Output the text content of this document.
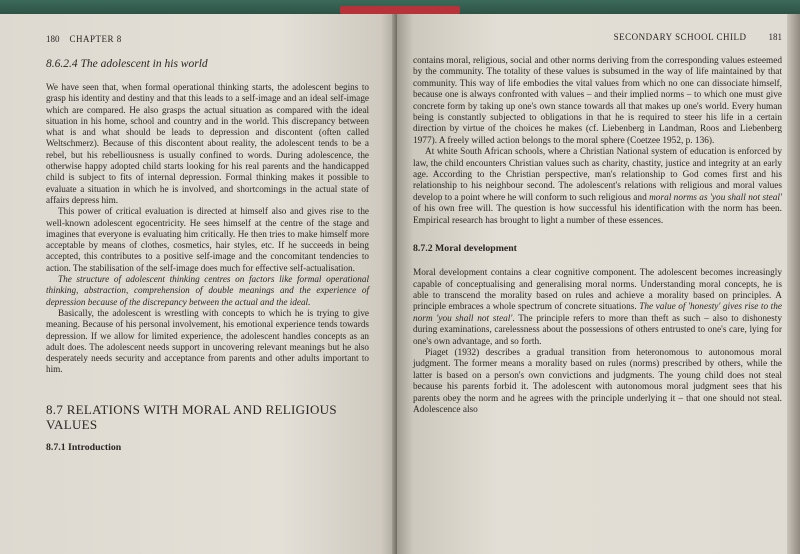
180 CHAPTER 8
8.6.2.4 The adolescent in his world

We have seen that, when formal operational thinking starts, the adolescent begins to grasp his identity and destiny and that this leads to a self-image and an ideal self-image which are compared. He also grasps the actual situation as compared with the ideal situation in his home, school and country and in the world. This discrepancy between what is and what should be leads to depression and discontent (often called Weltschmerz). Because of this discontent about reality, the adolescent tends to be a rebel, but his rebelliousness is usually confined to words. During adolescence, the otherwise happy adopted child starts looking for his real parents and the handicapped child is subject to fits of internal depression. Formal thinking makes it possible to evaluate a situation in which he is involved, and shortcomings in the actual state of affairs depress him.

This power of critical evaluation is directed at himself also and gives rise to the well-known adolescent egocentricity. He sees himself at the centre of the stage and imagines that everyone is evaluating him critically. He then tries to make himself more acceptable by means of clothes, cosmetics, hair styles, etc. If he succeeds in being accepted, this contributes to a positive self-image and the concomitant tendencies to action. The stabilisation of the self-image does much for effective self-actualisation.

The structure of adolescent thinking centres on factors like formal operational thinking, abstraction, comprehension of double meanings and the experience of depression because of the discrepancy between the actual and the ideal.

Basically, the adolescent is wrestling with concepts to which he is trying to give meaning. Because of his personal involvement, his emotional experience tends towards depression. If we allow for limited experience, the adolescent handles concepts as an adult does. The adolescent needs support in uncovering relevant meanings but he also desperately needs security and acceptance from parents and other adults important to him.

8.7 RELATIONS WITH MORAL AND RELIGIOUS VALUES
8.7.1 Introduction
SECONDARY SCHOOL CHILD 181

contains moral, religious, social and other norms deriving from the corresponding values esteemed by the community. The totality of these values is subsumed in the way of life maintained by that community. This way of life embodies the vital values from which no one can dissociate himself, because one is always confronted with values – and their implied norms – to which one must give concrete form by taking up one's own stance towards all that makes up one's world. Every human being is constantly subjected to obligations in that he is required to steer his life in a certain direction by virtue of the choices he makes (cf. Liebenberg in Landman, Roos and Liebenberg 1977). A freely willed action belongs to the moral sphere (Coetzee 1952, p. 136).

At white South African schools, where a Christian National system of education is enforced by law, the child encounters Christian values such as charity, chastity, justice and integrity at an early age. According to the Christian perspective, man's relationship to God comes first and his relationship to his neighbour second. The adolescent's relations with religious and moral values develop to a point where he will conform to such religious and moral norms as 'you shall not steal' of his own free will. The question is how successful his identification with the norm has been. Empirical research has brought to light a number of these essences.

8.7.2 Moral development

Moral development contains a clear cognitive component. The adolescent becomes increasingly capable of conceptualising and generalising moral norms. Understanding moral concepts, he is able to transcend the morality based on rules and achieve a morality based on principles. A principle embraces a whole spectrum of concrete situations. The value of 'honesty' gives rise to the norm 'you shall not steal'. The principle refers to more than theft as such – also to dishonesty during examinations, carelessness about the possessions of others entrusted to one's care, lying for one's own advantage, and so forth.

Piaget (1932) describes a gradual transition from heteronomous to autonomous moral judgment. The former means a morality based on rules (norms) prescribed by others, while the latter is based on a person's own convictions and judgments. The young child does not steal because his parents forbid it. The adolescent with autonomous moral judgment sees that his parents obey the norm and he agrees with the principle underlying it – that one should not steal. Adolescence also
